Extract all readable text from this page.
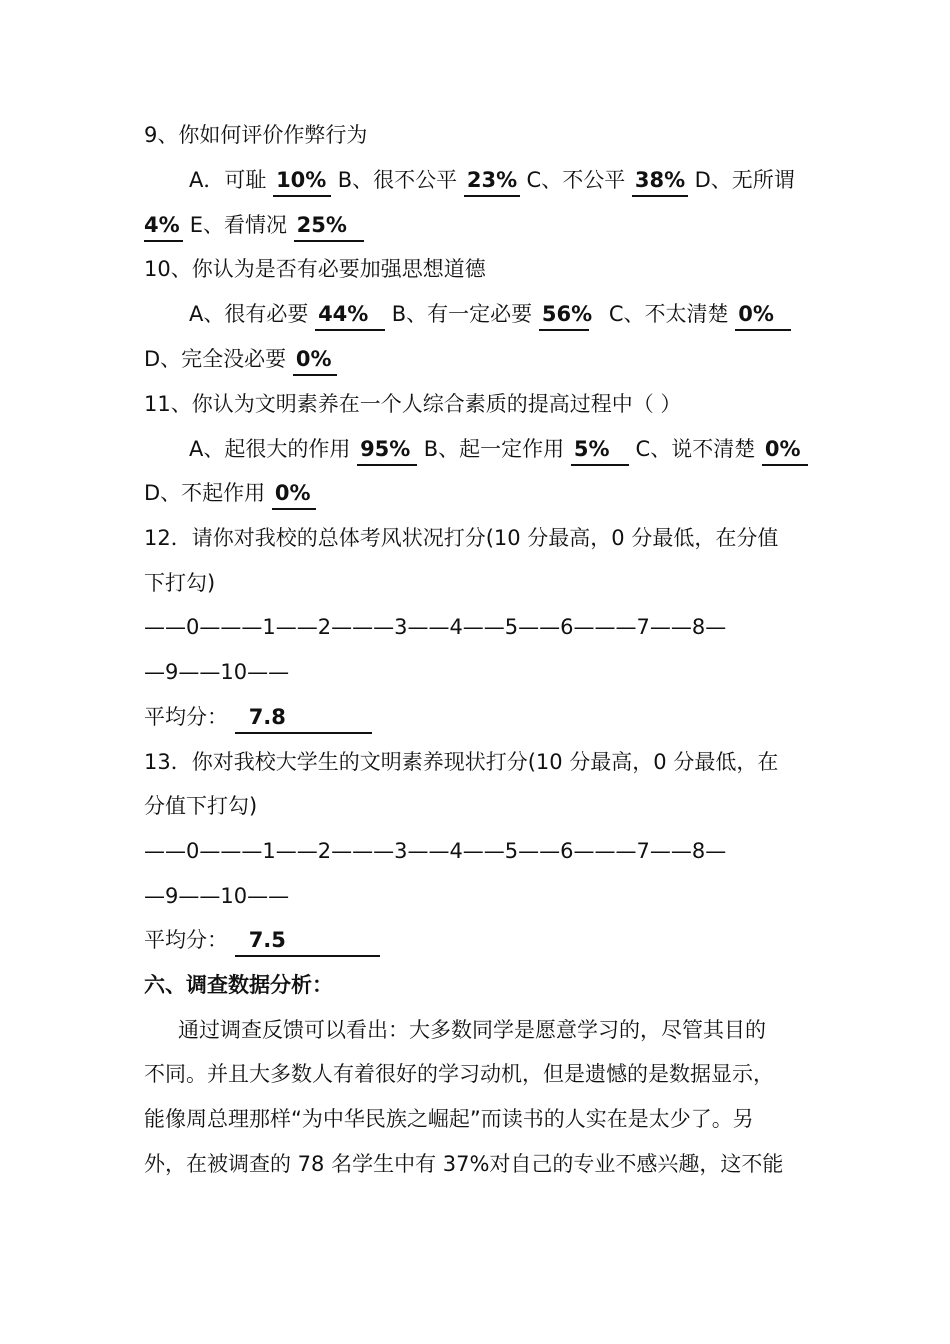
9、你如何评价作弊行为
A．可耻 10% B、很不公平 23% C、不公平 38% D、无所谓
4% E、看情况 25%
10、你认为是否有必要加强思想道德
A、很有必要 44% B、有一定必要 56% C、不太清楚 0%
D、完全没必要 0%
11、你认为文明素养在一个人综合素质的提高过程中（ ）
A、起很大的作用 95% B、起一定作用 5% C、说不清楚 0%
D、不起作用 0%
12．请你对我校的总体考风状况打分(10 分最高，0 分最低，在分值
下打勾)
——0———1——2———3——4——5——6———7——8—
—9——10——
平均分： 7.8
13．你对我校大学生的文明素养现状打分(10 分最高，0 分最低，在
分值下打勾)
——0———1——2———3——4——5——6———7——8—
—9——10——
平均分： 7.5
六、调查数据分析：
通过调查反馈可以看出：大多数同学是愿意学习的，尽管其目的
不同。并且大多数人有着很好的学习动机，但是遗憾的是数据显示，
能像周总理那样“为中华民族之崛起”而读书的人实在是太少了。另
外，在被调查的 78 名学生中有 37%对自己的专业不感兴趣，这不能
